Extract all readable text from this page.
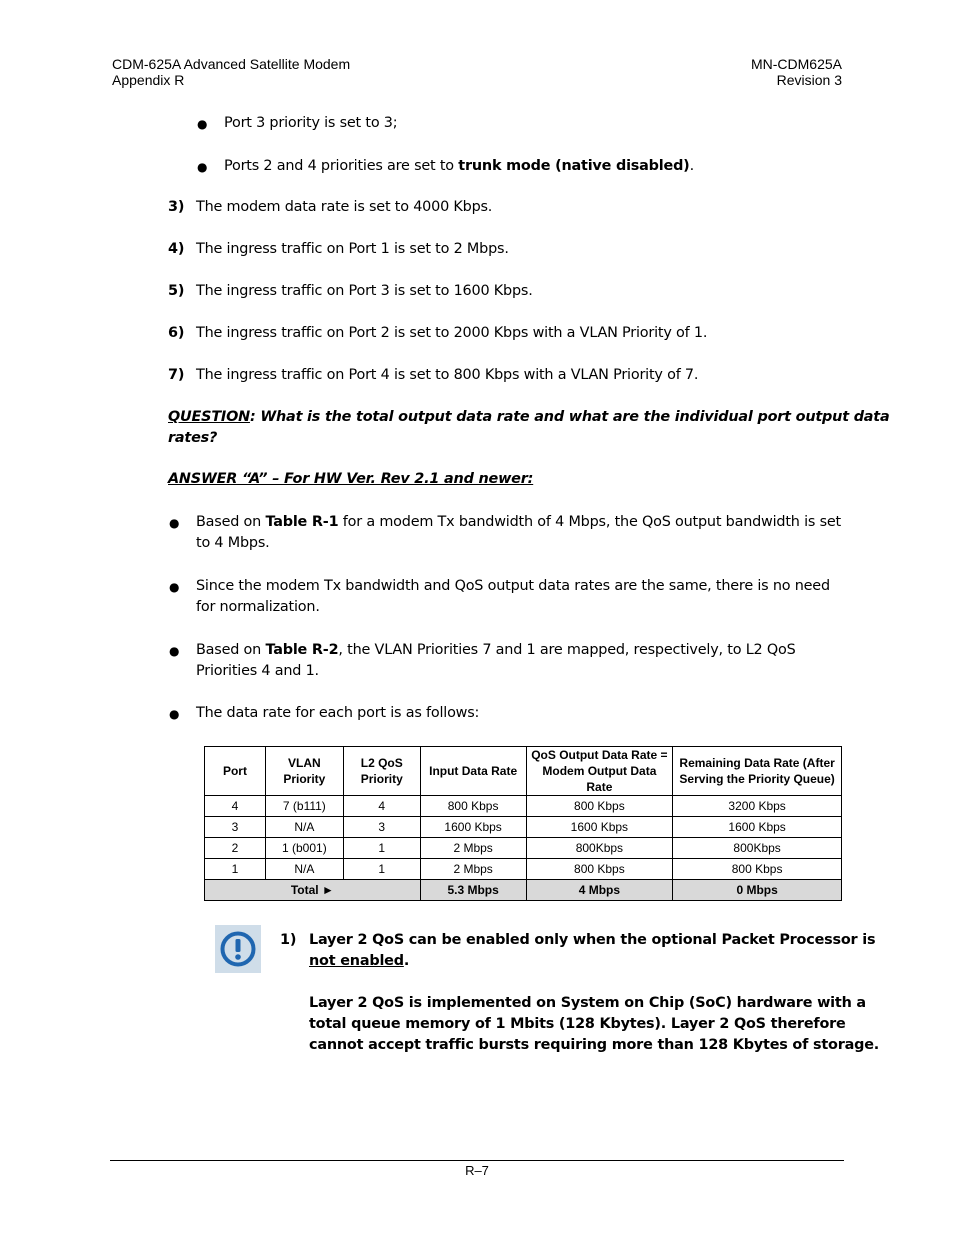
CDM-625A Advanced Satellite Modem
Appendix R
MN-CDM625A
Revision 3
● Port 3 priority is set to 3;
● Ports 2 and 4 priorities are set to trunk mode (native disabled).
3) The modem data rate is set to 4000 Kbps.
4) The ingress traffic on Port 1 is set to 2 Mbps.
5) The ingress traffic on Port 3 is set to 1600 Kbps.
6) The ingress traffic on Port 2 is set to 2000 Kbps with a VLAN Priority of 1.
7) The ingress traffic on Port 4 is set to 800 Kbps with a VLAN Priority of 7.
QUESTION: What is the total output data rate and what are the individual port output data
rates?
ANSWER “A” – For HW Ver. Rev 2.1 and newer:
● Based on Table R-1 for a modem Tx bandwidth of 4 Mbps, the QoS output bandwidth is set
to 4 Mbps.
● Since the modem Tx bandwidth and QoS output data rates are the same, there is no need
for normalization.
● Based on Table R-2, the VLAN Priorities 7 and 1 are mapped, respectively, to L2 QoS
Priorities 4 and 1.
● The data rate for each port is as follows:
Port	VLAN Priority	L2 QoS Priority	Input Data Rate	QoS Output Data Rate = Modem Output Data Rate	Remaining Data Rate (After Serving the Priority Queue)
4	7 (b111)	4	800 Kbps	800 Kbps	3200 Kbps
3	N/A	3	1600 Kbps	1600 Kbps	1600 Kbps
2	1 (b001)	1	2 Mbps	800Kbps	800Kbps
1	N/A	1	2 Mbps	800 Kbps	800 Kbps
Total ►			5.3 Mbps	4 Mbps	0 Mbps
1) Layer 2 QoS can be enabled only when the optional Packet Processor is
not enabled.
Layer 2 QoS is implemented on System on Chip (SoC) hardware with a
total queue memory of 1 Mbits (128 Kbytes). Layer 2 QoS therefore
cannot accept traffic bursts requiring more than 128 Kbytes of storage.
R–7
